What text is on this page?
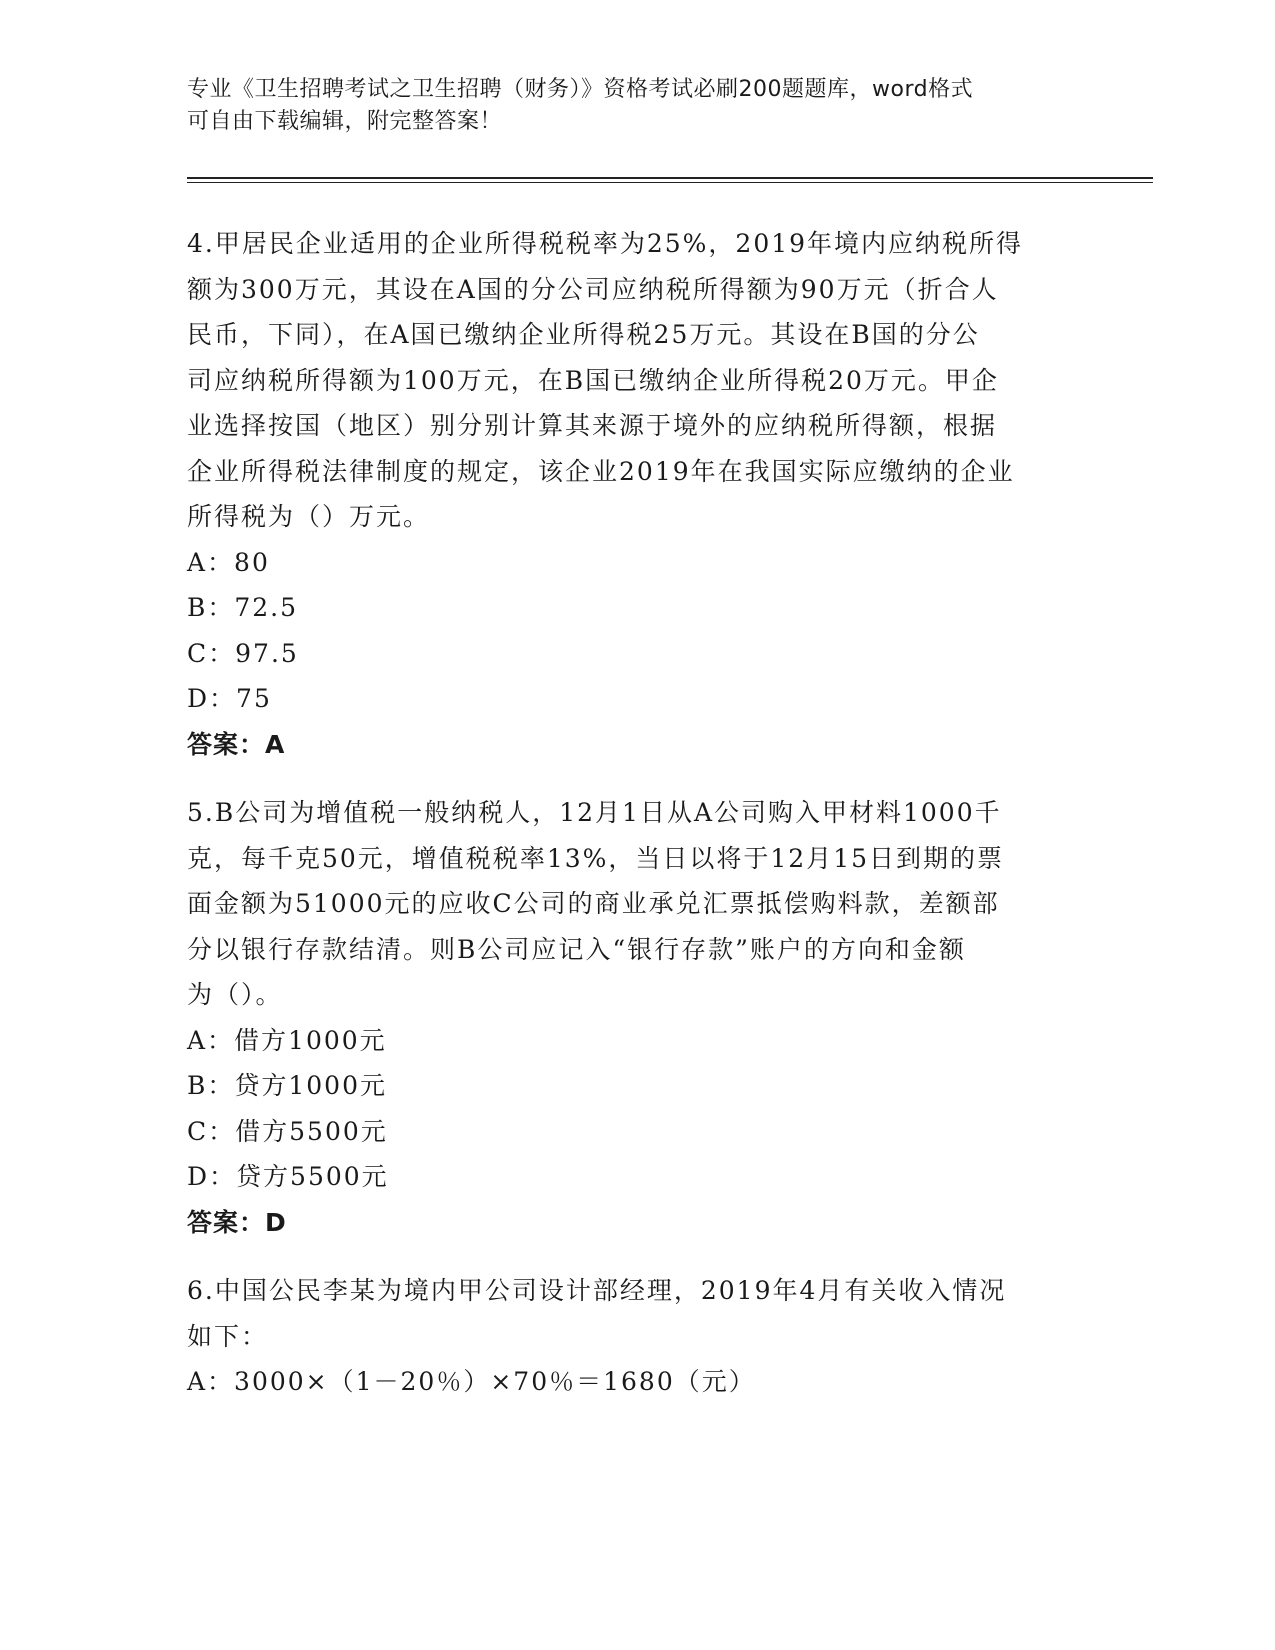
专业《卫生招聘考试之卫生招聘（财务）》资格考试必刷200题题库，word格式
可自由下载编辑，附完整答案！
4.甲居民企业适用的企业所得税税率为25%，2019年境内应纳税所得
额为300万元，其设在A国的分公司应纳税所得额为90万元（折合人
民币，下同），在A国已缴纳企业所得税25万元。其设在B国的分公
司应纳税所得额为100万元，在B国已缴纳企业所得税20万元。甲企
业选择按国（地区）别分别计算其来源于境外的应纳税所得额，根据
企业所得税法律制度的规定，该企业2019年在我国实际应缴纳的企业
所得税为（）万元。
A：80
B：72.5
C：97.5
D：75
答案：A
5.B公司为增值税一般纳税人，12月1日从A公司购入甲材料1000千
克，每千克50元，增值税税率13%，当日以将于12月15日到期的票
面金额为51000元的应收C公司的商业承兑汇票抵偿购料款，差额部
分以银行存款结清。则B公司应记入“银行存款”账户的方向和金额
为（）。
A：借方1000元
B：贷方1000元
C：借方5500元
D：贷方5500元
答案：D
6.中国公民李某为境内甲公司设计部经理，2019年4月有关收入情况
如下：
A：3000×（1－20％）×70％＝1680（元）
